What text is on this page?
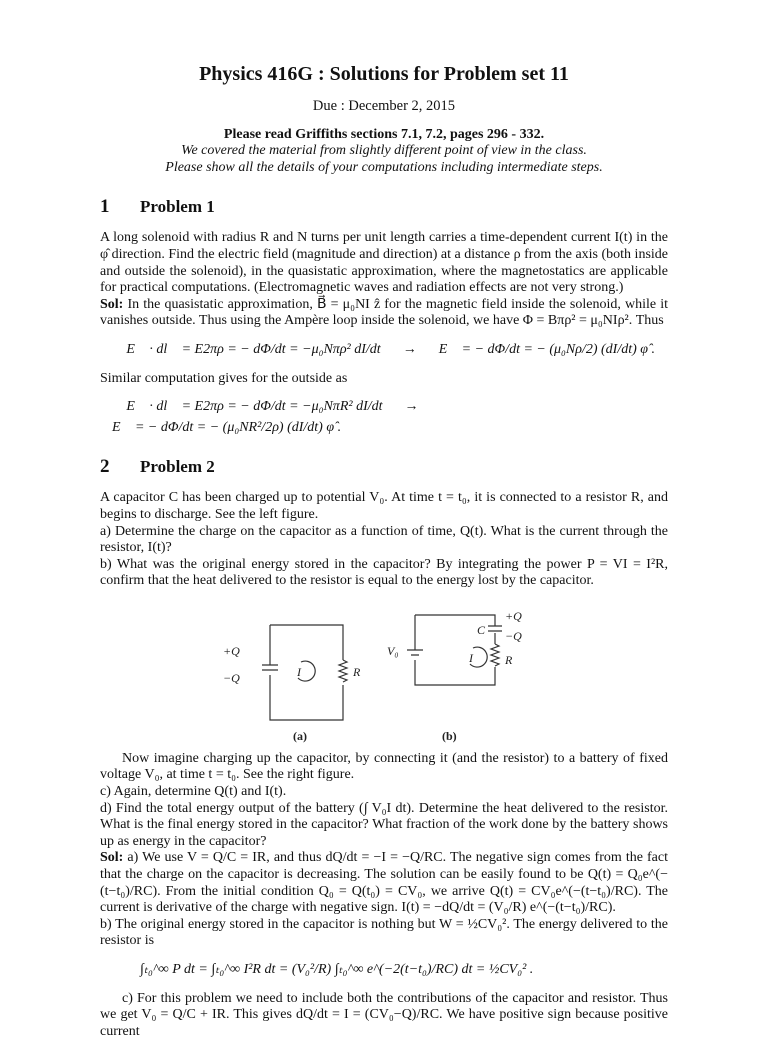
Physics 416G : Solutions for Problem set 11
Due : December 2, 2015
Please read Griffiths sections 7.1, 7.2, pages 296 - 332.
We covered the material from slightly different point of view in the class.
Please show all the details of your computations including intermediate steps.
1 Problem 1

A long solenoid with radius R and N turns per unit length carries a time-dependent current I(t) in the φ̂ direction. Find the electric field (magnitude and direction) at a distance ρ from the axis (both inside and outside the solenoid), in the quasistatic approximation, where the magnetostatics are applicable for practical computations. (Electromagnetic waves and radiation effects are not very strong.)

Sol: In the quasistatic approximation, B⃗ = μ₀NI ẑ for the magnetic field inside the solenoid, while it vanishes outside. Thus using the Ampère loop inside the solenoid, we have Φ = Bπρ² = μ₀NIρ². Thus

∮ E⃗ · dl⃗ = E2πρ = − dΦ/dt = −μ₀Nπρ² dI/dt → E⃗ = − dΦ/dt = − (μ₀Nρ/2) (dI/dt) φ̂ .
Similar computation gives for the outside as
∮ E⃗ · dl⃗ = E2πρ = − dΦ/dt = −μ₀NπR² dI/dt →
E⃗ = − dΦ/dt = − (μ₀NR²/2ρ) (dI/dt) φ̂ .
2 Problem 2

A capacitor C has been charged up to potential V₀. At time t = t₀, it is connected to a resistor R, and begins to discharge. See the left figure.

a) Determine the charge on the capacitor as a function of time, Q(t). What is the current through the resistor, I(t)?

b) What was the original energy stored in the capacitor? By integrating the power P = VI = I²R, confirm that the heat delivered to the resistor is equal to the energy lost by the capacitor.

+Q
−Q	I	R
V₀
C
+Q
−Q
I	R
(a)	(b)

Now imagine charging up the capacitor, by connecting it (and the resistor) to a battery of fixed voltage V₀, at time t = t₀. See the right figure.

c) Again, determine Q(t) and I(t).

d) Find the total energy output of the battery (∫ V₀I dt). Determine the heat delivered to the resistor. What is the final energy stored in the capacitor? What fraction of the work done by the battery shows up as energy in the capacitor?

Sol: a) We use V = Q/C = IR, and thus dQ/dt = −I = −Q/RC. The negative sign comes from the fact that the charge on the capacitor is decreasing. The solution can be easily found to be Q(t) = Q₀e^(−(t−t₀)/RC). From the initial condition Q₀ = Q(t₀) = CV₀, we arrive Q(t) = CV₀e^(−(t−t₀)/RC). The current is derivative of the charge with negative sign. I(t) = −dQ/dt = (V₀/R) e^(−(t−t₀)/RC).

b) The original energy stored in the capacitor is nothing but W = ½CV₀². The energy delivered to the resistor is

∫ₜ₀^∞ P dt = ∫ₜ₀^∞ I²R dt = (V₀²/R) ∫ₜ₀^∞ e^(−2(t−t₀)/RC) dt = ½CV₀² .

c) For this problem we need to include both the contributions of the capacitor and resistor. Thus we get V₀ = Q/C + IR. This gives dQ/dt = I = (CV₀−Q)/RC. We have positive sign because positive current
